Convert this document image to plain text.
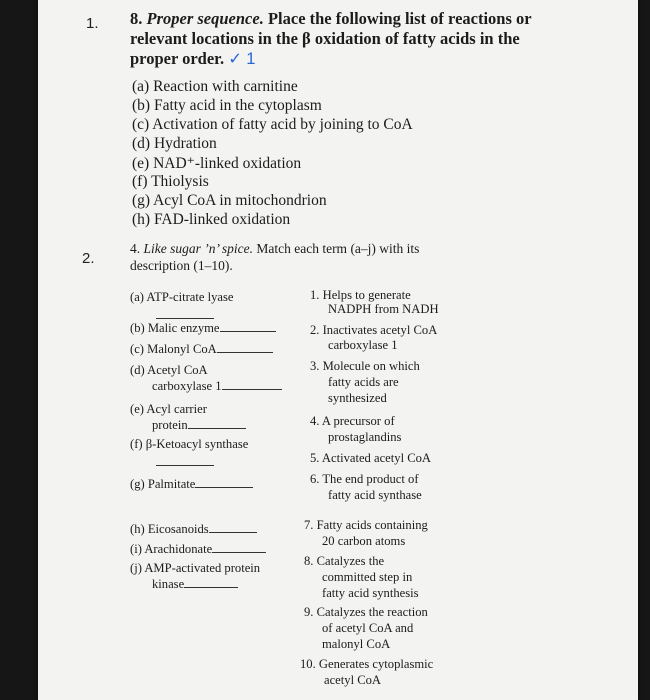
1. 8. Proper sequence. Place the following list of reactions or
relevant locations in the β oxidation of fatty acids in the
proper order. ✓ 1
(a) Reaction with carnitine
(b) Fatty acid in the cytoplasm
(c) Activation of fatty acid by joining to CoA
(d) Hydration
(e) NAD⁺-linked oxidation
(f) Thiolysis
(g) Acyl CoA in mitochondrion
(h) FAD-linked oxidation
2.
4. Like sugar ’n’ spice. Match each term (a–j) with its
description (1–10).
(a) ATP-citrate lyase
(b) Malic enzyme
(c) Malonyl CoA
(d) Acetyl CoA
carboxylase 1
(e) Acyl carrier
protein
(f) β-Ketoacyl synthase
(g) Palmitate
(h) Eicosanoids
(i) Arachidonate
(j) AMP-activated protein
kinase
1. Helps to generate
NADPH from NADH
2. Inactivates acetyl CoA
carboxylase 1
3. Molecule on which
fatty acids are
synthesized
4. A precursor of
prostaglandins
5. Activated acetyl CoA
6. The end product of
fatty acid synthase
7. Fatty acids containing
20 carbon atoms
8. Catalyzes the
committed step in
fatty acid synthesis
9. Catalyzes the reaction
of acetyl CoA and
malonyl CoA
10. Generates cytoplasmic
acetyl CoA
